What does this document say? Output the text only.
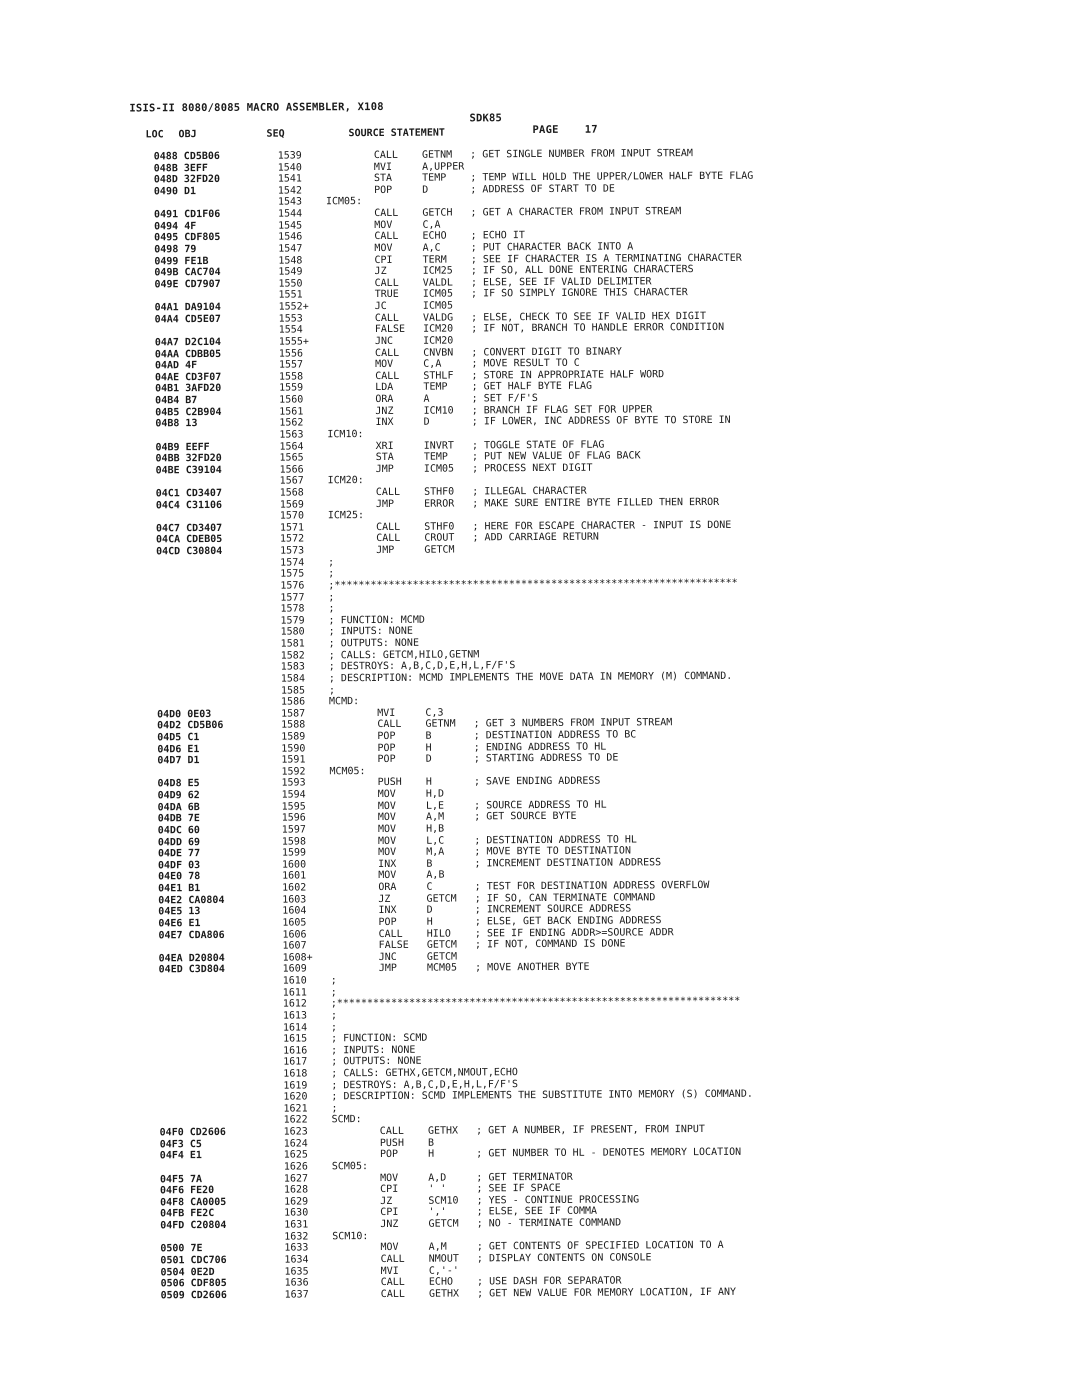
ISIS-II 8080/8085 MACRO ASSEMBLER, X108

SDK85

PAGE 17

LOC OBJ	SEQ	SOURCE STATEMENT
0488 CD5B06	1539 CALL    GETNM   ; GET SINGLE NUMBER FROM INPUT STREAM
048B 3EFF	1540 MVI     A,UPPER
048D 32FD20	1541 STA     TEMP    ; TEMP WILL HOLD THE UPPER/LOWER HALF BYTE FLAG
0490 D1	1542 POP     D       ; ADDRESS OF START TO DE
1543 ICM05:
0491 CD1F06	1544 CALL    GETCH   ; GET A CHARACTER FROM INPUT STREAM
0494 4F	1545 MOV     C,A
0495 CDF805	1546 CALL    ECHO    ; ECHO IT
0498 79	1547 MOV     A,C     ; PUT CHARACTER BACK INTO A
0499 FE1B	1548 CPI     TERM    ; SEE IF CHARACTER IS A TERMINATING CHARACTER
049B CAC704	1549 JZ      ICM25   ; IF SO, ALL DONE ENTERING CHARACTERS
049E CD7907	1550 CALL    VALDL   ; ELSE, SEE IF VALID DELIMITER
1551 TRUE    ICM05   ; IF SO SIMPLY IGNORE THIS CHARACTER
04A1 DA9104	1552+ JC      ICM05
04A4 CD5E07	1553 CALL    VALDG   ; ELSE, CHECK TO SEE IF VALID HEX DIGIT
1554 FALSE   ICM20   ; IF NOT, BRANCH TO HANDLE ERROR CONDITION
04A7 D2C104	1555+ JNC     ICM20
04AA CDBB05	1556 CALL    CNVBN   ; CONVERT DIGIT TO BINARY
04AD 4F	1557 MOV     C,A     ; MOVE RESULT TO C
04AE CD3F07	1558 CALL    STHLF   ; STORE IN APPROPRIATE HALF WORD
04B1 3AFD20	1559 LDA     TEMP    ; GET HALF BYTE FLAG
04B4 B7	1560 ORA     A       ; SET F/F'S
04B5 C2B904	1561 JNZ     ICM10   ; BRANCH IF FLAG SET FOR UPPER
04B8 13	1562 INX     D       ; IF LOWER, INC ADDRESS OF BYTE TO STORE IN
1563 ICM10:
04B9 EEFF	1564 XRI     INVRT   ; TOGGLE STATE OF FLAG
04BB 32FD20	1565 STA     TEMP    ; PUT NEW VALUE OF FLAG BACK
04BE C39104	1566 JMP     ICM05   ; PROCESS NEXT DIGIT
1567 ICM20:
04C1 CD3407	1568 CALL    STHF0   ; ILLEGAL CHARACTER
04C4 C31106	1569 JMP     ERROR   ; MAKE SURE ENTIRE BYTE FILLED THEN ERROR
1570 ICM25:
04C7 CD3407	1571 CALL    STHF0   ; HERE FOR ESCAPE CHARACTER - INPUT IS DONE
04CA CDEB05	1572 CALL    CROUT   ; ADD CARRIAGE RETURN
04CD C30804	1573 JMP     GETCM
1574 ;
1575 ;
1576 ;*******************************************************************
1577 ;
1578 ;
1579 ; FUNCTION: MCMD
1580 ; INPUTS: NONE
1581 ; OUTPUTS: NONE
1582 ; CALLS: GETCM,HILO,GETNM
1583 ; DESTROYS: A,B,C,D,E,H,L,F/F'S
1584 ; DESCRIPTION: MCMD IMPLEMENTS THE MOVE DATA IN MEMORY (M) COMMAND.
1585 ;
1586 MCMD:
04D0 0E03	1587 MVI     C,3
04D2 CD5B06	1588 CALL    GETNM   ; GET 3 NUMBERS FROM INPUT STREAM
04D5 C1	1589 POP     B       ; DESTINATION ADDRESS TO BC
04D6 E1	1590 POP     H       ; ENDING ADDRESS TO HL
04D7 D1	1591 POP     D       ; STARTING ADDRESS TO DE
1592 MCM05:
04D8 E5	1593 PUSH    H       ; SAVE ENDING ADDRESS
04D9 62	1594 MOV     H,D
04DA 6B	1595 MOV     L,E     ; SOURCE ADDRESS TO HL
04DB 7E	1596 MOV     A,M     ; GET SOURCE BYTE
04DC 60	1597 MOV     H,B
04DD 69	1598 MOV     L,C     ; DESTINATION ADDRESS TO HL
04DE 77	1599 MOV     M,A     ; MOVE BYTE TO DESTINATION
04DF 03	1600 INX     B       ; INCREMENT DESTINATION ADDRESS
04E0 78	1601 MOV     A,B
04E1 B1	1602 ORA     C       ; TEST FOR DESTINATION ADDRESS OVERFLOW
04E2 CA0804	1603 JZ      GETCM   ; IF SO, CAN TERMINATE COMMAND
04E5 13	1604 INX     D       ; INCREMENT SOURCE ADDRESS
04E6 E1	1605 POP     H       ; ELSE, GET BACK ENDING ADDRESS
04E7 CDA806	1606 CALL    HILO    ; SEE IF ENDING ADDR>=SOURCE ADDR
1607 FALSE   GETCM   ; IF NOT, COMMAND IS DONE
04EA D20804	1608+ JNC     GETCM
04ED C3D804	1609 JMP     MCM05   ; MOVE ANOTHER BYTE
1610 ;
1611 ;
1612 ;*******************************************************************
1613 ;
1614 ;
1615 ; FUNCTION: SCMD
1616 ; INPUTS: NONE
1617 ; OUTPUTS: NONE
1618 ; CALLS: GETHX,GETCM,NMOUT,ECHO
1619 ; DESTROYS: A,B,C,D,E,H,L,F/F'S
1620 ; DESCRIPTION: SCMD IMPLEMENTS THE SUBSTITUTE INTO MEMORY (S) COMMAND.
1621 ;
1622 SCMD:
04F0 CD2606	1623 CALL    GETHX   ; GET A NUMBER, IF PRESENT, FROM INPUT
04F3 C5	1624 PUSH    B
04F4 E1	1625 POP     H       ; GET NUMBER TO HL - DENOTES MEMORY LOCATION
1626 SCM05:
04F5 7A	1627 MOV     A,D     ; GET TERMINATOR
04F6 FE20	1628 CPI     ' '     ; SEE IF SPACE
04F8 CA0005	1629 JZ      SCM10   ; YES - CONTINUE PROCESSING
04FB FE2C	1630 CPI     ','     ; ELSE, SEE IF COMMA
04FD C20804	1631 JNZ     GETCM   ; NO - TERMINATE COMMAND
1632 SCM10:
0500 7E	1633 MOV     A,M     ; GET CONTENTS OF SPECIFIED LOCATION TO A
0501 CDC706	1634 CALL    NMOUT   ; DISPLAY CONTENTS ON CONSOLE
0504 0E2D	1635 MVI     C,'-'
0506 CDF805	1636 CALL    ECHO    ; USE DASH FOR SEPARATOR
0509 CD2606	1637 CALL    GETHX   ; GET NEW VALUE FOR MEMORY LOCATION, IF ANY
